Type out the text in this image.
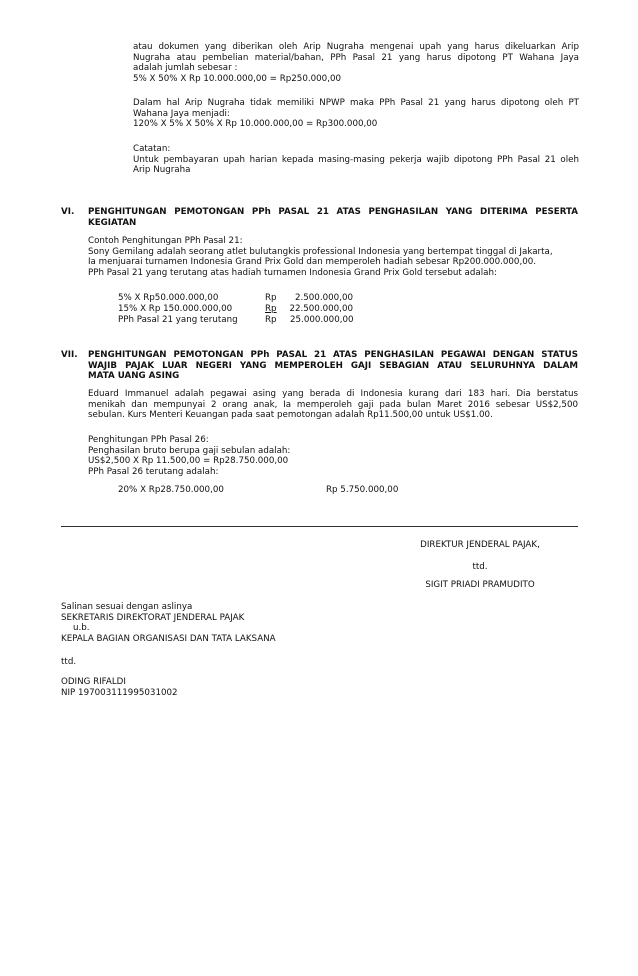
atau dokumen yang diberikan oleh Arip Nugraha mengenai upah yang harus dikeluarkan Arip
Nugraha atau pembelian material/bahan, PPh Pasal 21 yang harus dipotong PT Wahana Jaya
adalah jumlah sebesar :
5% X 50% X Rp 10.000.000,00 = Rp250.000,00
Dalam hal Arip Nugraha tidak memiliki NPWP maka PPh Pasal 21 yang harus dipotong oleh PT
Wahana Jaya menjadi:
120% X 5% X 50% X Rp 10.000.000,00 = Rp300.000,00
Catatan:
Untuk pembayaran upah harian kepada masing-masing pekerja wajib dipotong PPh Pasal 21 oleh
Arip Nugraha
VI. PENGHITUNGAN PEMOTONGAN PPh PASAL 21 ATAS PENGHASILAN YANG DITERIMA PESERTA
KEGIATAN
Contoh Penghitungan PPh Pasal 21:
Sony Gemilang adalah seorang atlet bulutangkis professional Indonesia yang bertempat tinggal di Jakarta,
Ia menjuarai turnamen Indonesia Grand Prix Gold dan memperoleh hadiah sebesar Rp200.000.000,00.
PPh Pasal 21 yang terutang atas hadiah turnamen Indonesia Grand Prix Gold tersebut adalah:
5% X Rp50.000.000,00	Rp	2.500.000,00
15% X Rp 150.000.000,00	Rp 22.500.000,00
PPh Pasal 21 yang terutang	Rp 25.000.000,00
VII. PENGHITUNGAN PEMOTONGAN PPh PASAL 21 ATAS PENGHASILAN PEGAWAI DENGAN STATUS
WAJIB PAJAK LUAR NEGERI YANG MEMPEROLEH GAJI SEBAGIAN ATAU SELURUHNYA DALAM
MATA UANG ASING
Eduard Immanuel adalah pegawai asing yang berada di Indonesia kurang dari 183 hari. Dia berstatus
menikah dan mempunyai 2 orang anak, Ia memperoleh gaji pada bulan Maret 2016 sebesar US$2,500
sebulan. Kurs Menteri Keuangan pada saat pemotongan adalah Rp11.500,00 untuk US$1.00.
Penghitungan PPh Pasal 26:
Penghasilan bruto berupa gaji sebulan adalah:
US$2,500 X Rp 11.500,00 = Rp28.750.000,00
PPh Pasal 26 terutang adalah:
20% X Rp28.750.000,00	Rp 5.750.000,00
DIREKTUR JENDERAL PAJAK,
ttd.
SIGIT PRIADI PRAMUDITO
Salinan sesuai dengan aslinya
SEKRETARIS DIREKTORAT JENDERAL PAJAK
u.b.
KEPALA BAGIAN ORGANISASI DAN TATA LAKSANA
ttd.
ODING RIFALDI
NIP 197003111995031002
